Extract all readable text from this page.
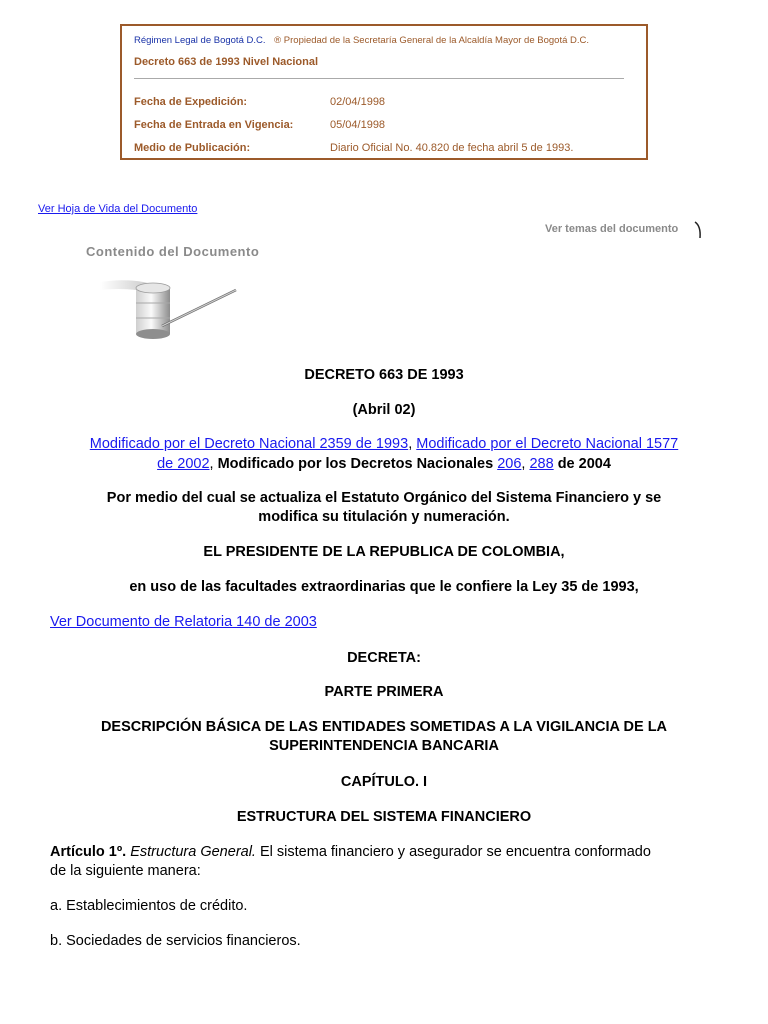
Régimen Legal de Bogotá D.C. ® Propiedad de la Secretaría General de la Alcaldía Mayor de Bogotá D.C.
Decreto 663 de 1993 Nivel Nacional
Fecha de Expedición:	02/04/1998
Fecha de Entrada en Vigencia:	05/04/1998
Medio de Publicación:	Diario Oficial No. 40.820 de fecha abril 5 de 1993.
Ver Hoja de Vida del Documento
Ver temas del documento
Contenido del Documento
DECRETO 663 DE 1993
(Abril 02)
Modificado por el Decreto Nacional 2359 de 1993, Modificado por el Decreto Nacional 1577
de 2002, Modificado por los Decretos Nacionales 206, 288 de 2004
Por medio del cual se actualiza el Estatuto Orgánico del Sistema Financiero y se
modifica su titulación y numeración.
EL PRESIDENTE DE LA REPUBLICA DE COLOMBIA,
en uso de las facultades extraordinarias que le confiere la Ley 35 de 1993,
Ver Documento de Relatoria 140 de 2003
DECRETA:
PARTE PRIMERA
DESCRIPCIÓN BÁSICA DE LAS ENTIDADES SOMETIDAS A LA VIGILANCIA DE LA
SUPERINTENDENCIA BANCARIA
CAPÍTULO. I
ESTRUCTURA DEL SISTEMA FINANCIERO
Artículo 1º. Estructura General. El sistema financiero y asegurador se encuentra conformado
de la siguiente manera:
a. Establecimientos de crédito.
b. Sociedades de servicios financieros.
